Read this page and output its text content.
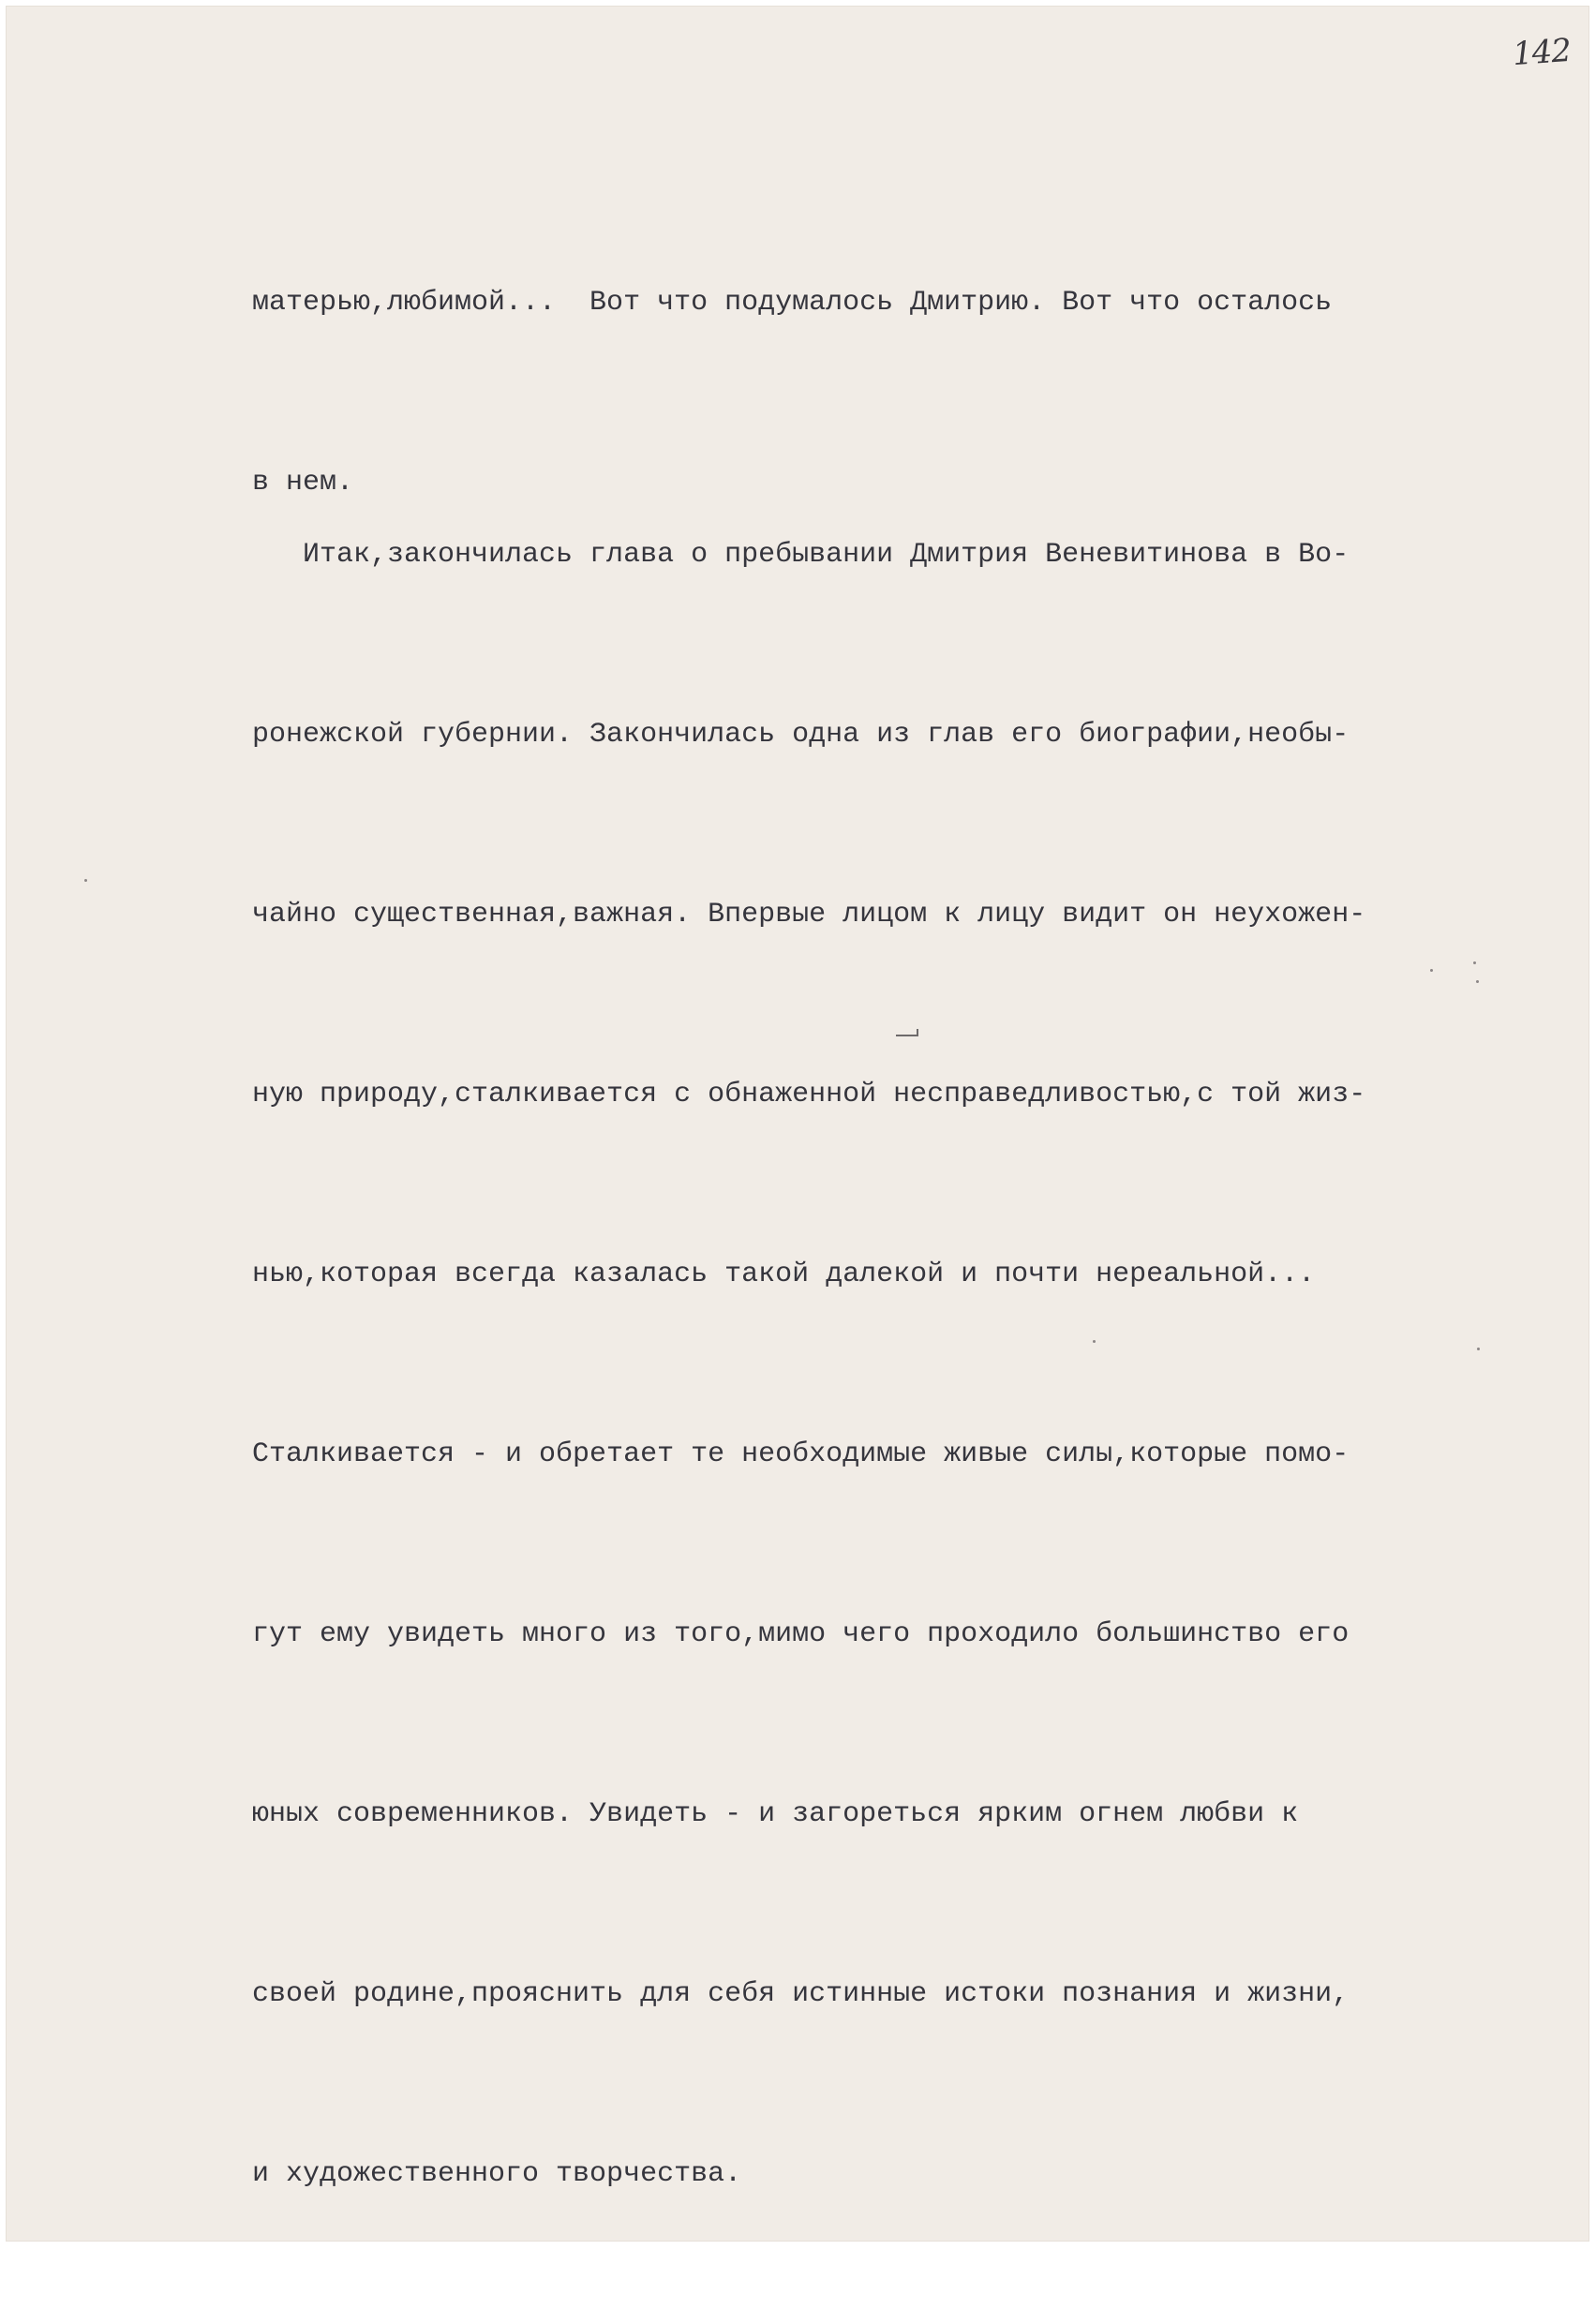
142

матерью,любимой...  Вот что подумалось Дмитрию. Вот что осталось

в нем.

Итак,закончилась глава о пребывании Дмитрия Веневитинова в Во-

ронежской губернии. Закончилась одна из глав его биографии,необы-

чайно существенная,важная. Впервые лицом к лицу видит он неухожен-

ную природу,сталкивается с обнаженной несправедливостью,с той жиз-

нью,которая всегда казалась такой далекой и почти нереальной...

Сталкивается - и обретает те необходимые живые силы,которые помо-

гут ему увидеть много из того,мимо чего проходило большинство его

юных современников. Увидеть - и загореться ярким огнем любви к

своей родине,прояснить для себя истинные истоки познания и жизни,

и художественного творчества.
